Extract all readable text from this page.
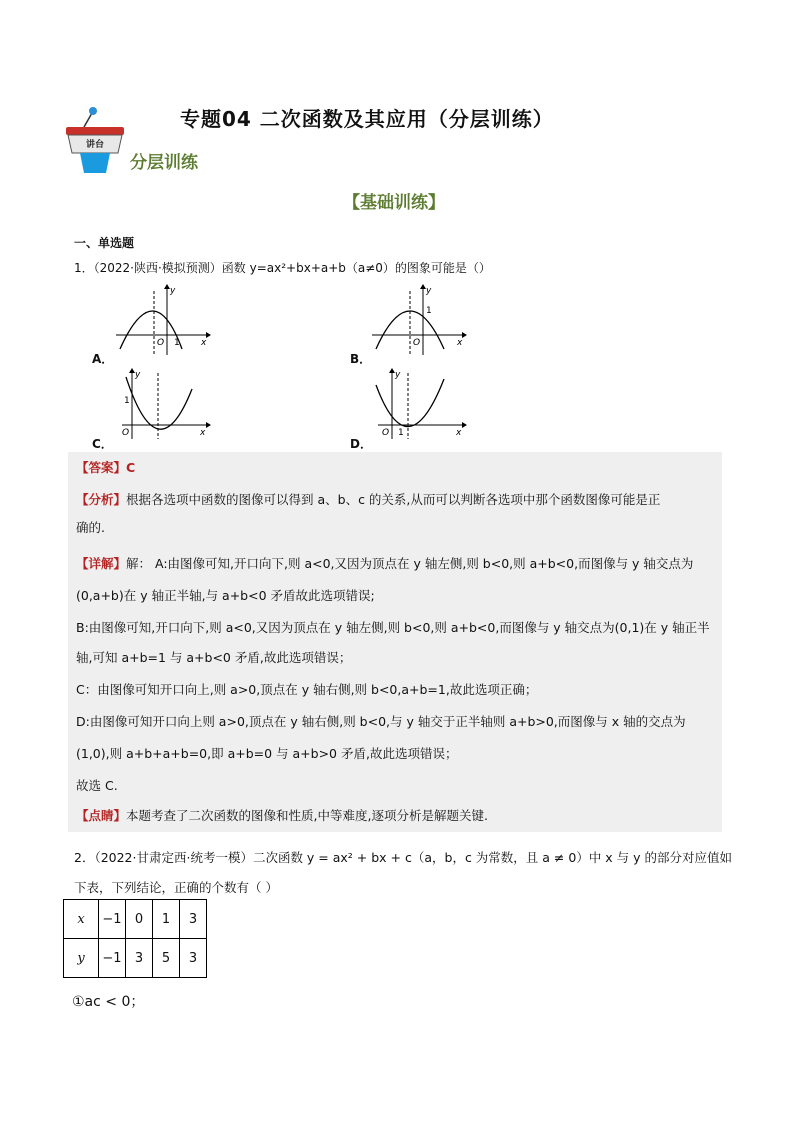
讲台
专题04 二次函数及其应用（分层训练）
分层训练
【基础训练】
一、单选题
1．（2022·陕西·模拟预测）函数 y=ax²+bx+a+b（a≠0）的图象可能是（）
A．
y
O 1 x
B．
y
1
O	x
C．
y
1
O	x
D．
y
O 1	x
【答案】C
【分析】根据各选项中函数的图像可以得到 a、b、c 的关系,从而可以判断各选项中那个函数图像可能是正
确的.
【详解】解： A:由图像可知,开口向下,则 a<0,又因为顶点在 y 轴左侧,则 b<0,则 a+b<0,而图像与 y 轴交点为
(0,a+b)在 y 轴正半轴,与 a+b<0 矛盾故此选项错误;
B:由图像可知,开口向下,则 a<0,又因为顶点在 y 轴左侧,则 b<0,则 a+b<0,而图像与 y 轴交点为(0,1)在 y 轴正半
轴,可知 a+b=1 与 a+b<0 矛盾,故此选项错误；
C：由图像可知开口向上,则 a>0,顶点在 y 轴右侧,则 b<0,a+b=1,故此选项正确；
D:由图像可知开口向上则 a>0,顶点在 y 轴右侧,则 b<0,与 y 轴交于正半轴则 a+b>0,而图像与 x 轴的交点为
(1,0),则 a+b+a+b=0,即 a+b=0 与 a+b>0 矛盾,故此选项错误；
故选 C.
【点睛】本题考查了二次函数的图像和性质,中等难度,逐项分析是解题关键.
2．（2022·甘肃定西·统考一模）二次函数 y = ax² + bx + c（a，b，c 为常数，且 a ≠ 0）中 x 与 y 的部分对应值如下表，下列结论，正确的个数有（ ）
x	−1	0	1	3
y	−1	3	5	3
①ac < 0；
